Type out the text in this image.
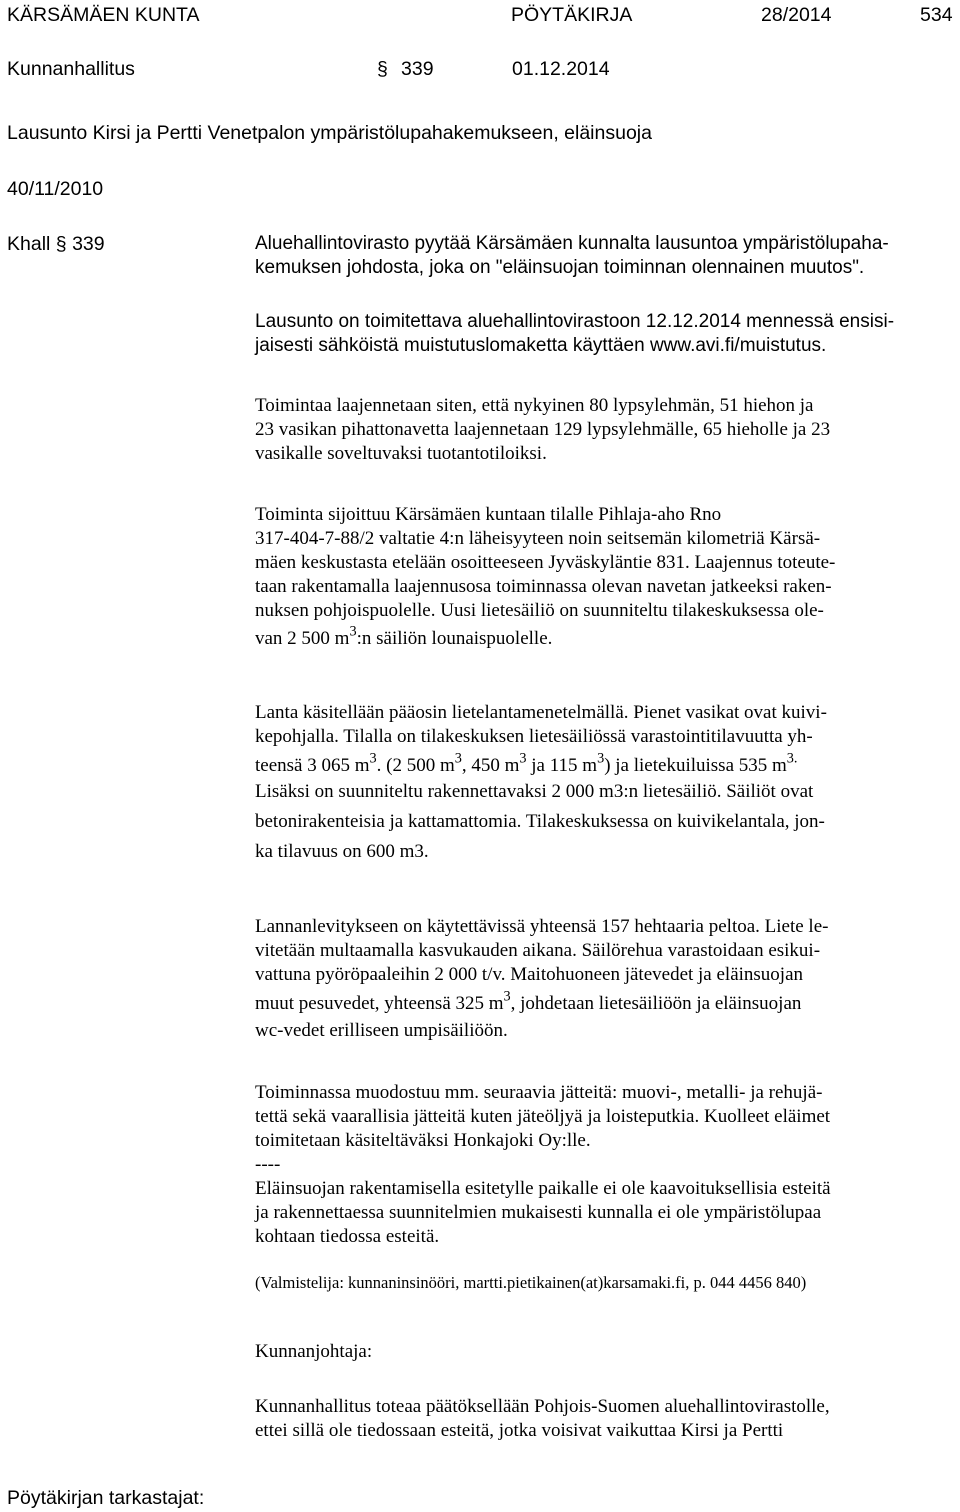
KÄRSÄMÄEN KUNTA	PÖYTÄKIRJA	28/2014	534
Kunnanhallitus	§ 339	01.12.2014
Lausunto Kirsi ja Pertti Venetpalon ympäristölupahakemukseen, eläinsuoja
40/11/2010
Khall § 339	Aluehallintovirasto pyytää Kärsämäen kunnalta lausuntoa ympäristölupaha-
kemuksen johdosta, joka on "eläinsuojan toiminnan olennainen muutos".
Lausunto on toimitettava aluehallintovirastoon 12.12.2014 mennessä ensisi-
jaisesti sähköistä muistutuslomaketta käyttäen www.avi.fi/muistutus.
Toimintaa laajennetaan siten, että nykyinen 80 lypsylehmän, 51 hiehon ja
23 vasikan pihattonavetta laajennetaan 129 lypsylehmälle, 65 hieholle ja 23
vasikalle soveltuvaksi tuotantotiloiksi.
Toiminta sijoittuu Kärsämäen kuntaan tilalle Pihlaja-aho Rno
317-404-7-88/2 valtatie 4:n läheisyyteen noin seitsemän kilometriä Kärsä-
mäen keskustasta etelään osoitteeseen Jyväskyläntie 831. Laajennus toteute-
taan rakentamalla laajennusosa toiminnassa olevan navetan jatkeeksi raken-
nuksen pohjoispuolelle. Uusi lietesäiliö on suunniteltu tilakeskuksessa ole-
van 2 500 $m^3:n$ säiliön lounaispuolelle.
Lanta käsitellään pääosin lietelantamenetelmällä. Pienet vasikat ovat kuivi-
kepohjalla. Tilalla on tilakeskuksen lietesäiliössä varastointitilavuutta yh-
teensä 3 065 $m^3$. (2 500 $m^3$, 450 $m^3$ ja 115 $m^3$) ja lietekuiluissa 535 $m^{3.}$
Lisäksi on suunniteltu rakennettavaksi 2 000 m3:n lietesäiliö. Säiliöt ovat
betonirakenteisia ja kattamattomia. Tilakeskuksessa on kuivikelantala, jon-
ka tilavuus on 600 m3.
Lannanlevitykseen on käytettävissä yhteensä 157 hehtaaria peltoa. Liete le-
vitetään multaamalla kasvukauden aikana. Säilörehua varastoidaan esikui-
vattuna pyöröpaaleihin 2 000 t/v. Maitohuoneen jätevedet ja eläinsuojan
muut pesuvedet, yhteensä 325 $m^3$, johdetaan lietesäiliöön ja eläinsuojan
wc-vedet erilliseen umpisäiliöön.
Toiminnassa muodostuu mm. seuraavia jätteitä: muovi-, metalli- ja rehujä-
tettä sekä vaarallisia jätteitä kuten jäteöljyä ja loisteputkia. Kuolleet eläimet
toimitetaan käsiteltäväksi Honkajoki Oy:lle.
----
Eläinsuojan rakentamisella esitetylle paikalle ei ole kaavoituksellisia esteitä
ja rakennettaessa suunnitelmien mukaisesti kunnalla ei ole ympäristölupaa
kohtaan tiedossa esteitä.
(Valmistelija: kunnaninsinööri, martti.pietikainen(at)karsamaki.fi, p. 044 4456 840)
Kunnanjohtaja:
Kunnanhallitus toteaa päätöksellään Pohjois-Suomen aluehallintovirastolle,
ettei sillä ole tiedossaan esteitä, jotka voisivat vaikuttaa Kirsi ja Pertti
Pöytäkirjan tarkastajat:
